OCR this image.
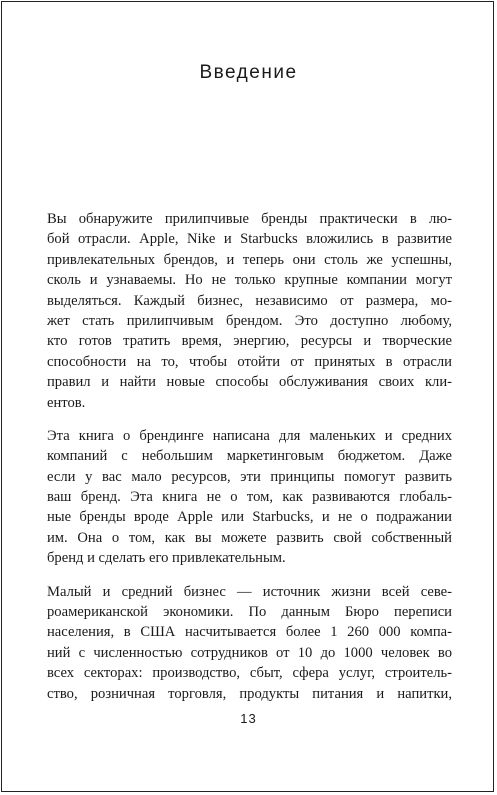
Введение
Вы обнаружите прилипчивые бренды практически в лю-
бой отрасли. Apple, Nike и Starbucks вложились в развитие
привлекательных брендов, и теперь они столь же успешны,
сколь и узнаваемы. Но не только крупные компании могут
выделяться. Каждый бизнес, независимо от размера, мо-
жет стать прилипчивым брендом. Это доступно любому,
кто готов тратить время, энергию, ресурсы и творческие
способности на то, чтобы отойти от принятых в отрасли
правил и найти новые способы обслуживания своих кли-
ентов.
Эта книга о брендинге написана для маленьких и средних
компаний с небольшим маркетинговым бюджетом. Даже
если у вас мало ресурсов, эти принципы помогут развить
ваш бренд. Эта книга не о том, как развиваются глобаль-
ные бренды вроде Apple или Starbucks, и не о подражании
им. Она о том, как вы можете развить свой собственный
бренд и сделать его привлекательным.
Малый и средний бизнес — источник жизни всей севе-
роамериканской экономики. По данным Бюро переписи
населения, в США насчитывается более 1 260 000 компа-
ний с численностью сотрудников от 10 до 1000 человек во
всех секторах: производство, сбыт, сфера услуг, строитель-
ство, розничная торговля, продукты питания и напитки,
13
